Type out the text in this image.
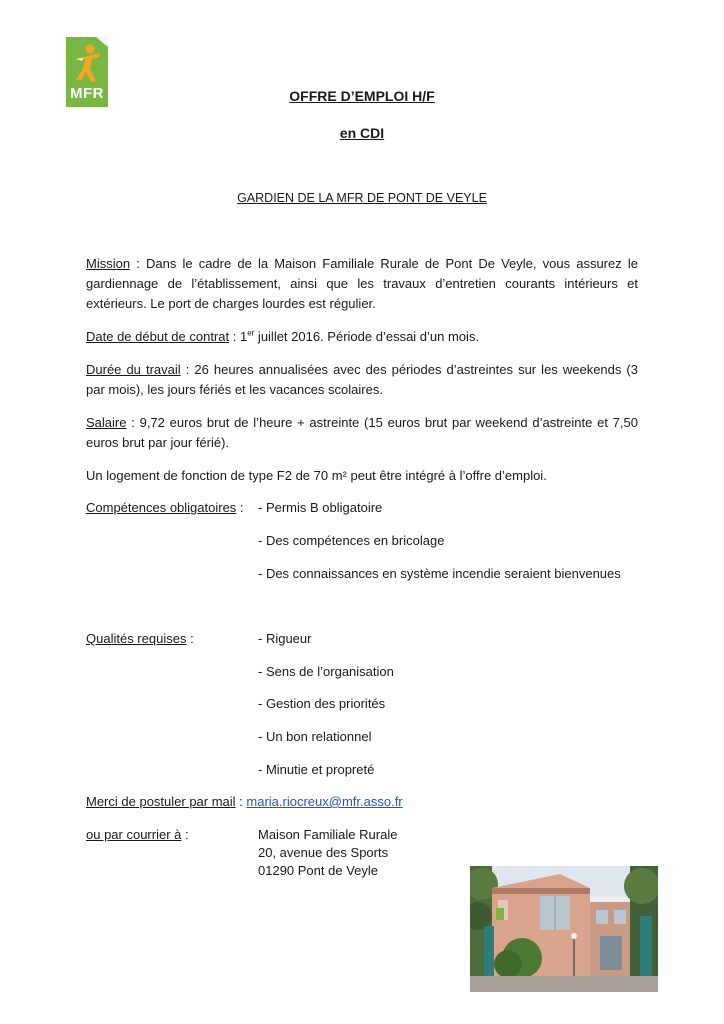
MFR	OFFRE D’EMPLOI H/F
en CDI
GARDIEN DE LA MFR DE PONT DE VEYLE
Mission : Dans le cadre de la Maison Familiale Rurale de Pont De Veyle, vous assurez le gardiennage de l’établissement, ainsi que les travaux d’entretien courants intérieurs et extérieurs. Le port de charges lourdes est régulier.
Date de début de contrat : 1er juillet 2016. Période d’essai d’un mois.
Durée du travail : 26 heures annualisées avec des périodes d’astreintes sur les weekends (3 par mois), les jours fériés et les vacances scolaires.
Salaire : 9,72 euros brut de l’heure + astreinte (15 euros brut par weekend d’astreinte et 7,50 euros brut par jour férié).
Un logement de fonction de type F2 de 70 m² peut être intégré à l’offre d’emploi.
Compétences obligatoires : - Permis B obligatoire
- Des compétences en bricolage
- Des connaissances en système incendie seraient bienvenues
Qualités requises :	- Rigueur
- Sens de l’organisation
- Gestion des priorités
- Un bon relationnel
- Minutie et propreté
Merci de postuler par mail : maria.riocreux@mfr.asso.fr
ou par courrier à :	Maison Familiale Rurale
20, avenue des Sports
01290 Pont de Veyle
